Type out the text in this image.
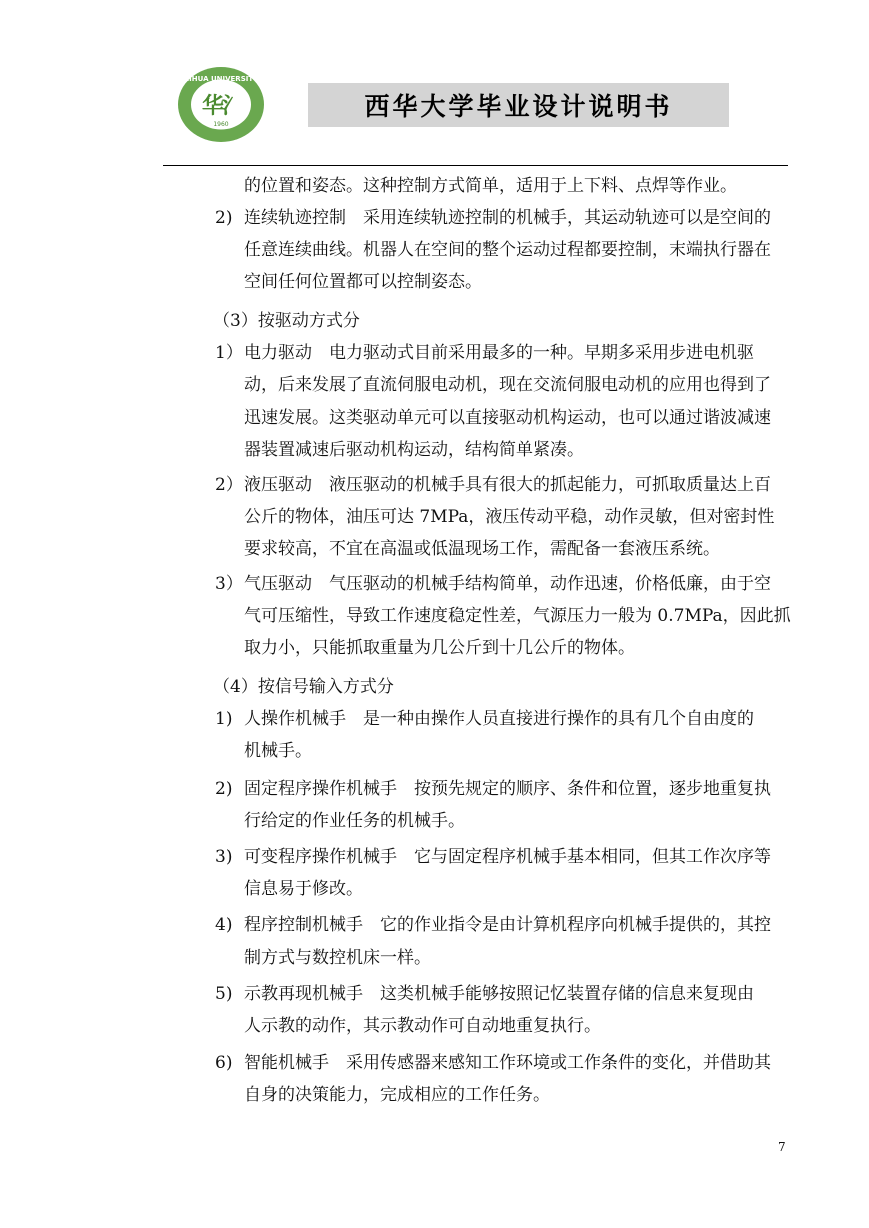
XIHUA UNIVERSITY
华
氵
1960
西华大学毕业设计说明书
的位置和姿态。这种控制方式简单，适用于上下料、点焊等作业。
2) 连续轨迹控制　采用连续轨迹控制的机械手，其运动轨迹可以是空间的
任意连续曲线。机器人在空间的整个运动过程都要控制，末端执行器在
空间任何位置都可以控制姿态。
（3）按驱动方式分
1） 电力驱动　电力驱动式目前采用最多的一种。早期多采用步进电机驱
动，后来发展了直流伺服电动机，现在交流伺服电动机的应用也得到了
迅速发展。这类驱动单元可以直接驱动机构运动，也可以通过谐波减速
器装置减速后驱动机构运动，结构简单紧凑。
2） 液压驱动　液压驱动的机械手具有很大的抓起能力，可抓取质量达上百
公斤的物体，油压可达 7MPa，液压传动平稳，动作灵敏，但对密封性
要求较高，不宜在高温或低温现场工作，需配备一套液压系统。
3） 气压驱动　气压驱动的机械手结构简单，动作迅速，价格低廉，由于空
气可压缩性，导致工作速度稳定性差，气源压力一般为 0.7MPa，因此抓
取力小，只能抓取重量为几公斤到十几公斤的物体。
（4）按信号输入方式分
1) 人操作机械手　是一种由操作人员直接进行操作的具有几个自由度的
机械手。
2) 固定程序操作机械手　按预先规定的顺序、条件和位置，逐步地重复执
行给定的作业任务的机械手。
3) 可变程序操作机械手　它与固定程序机械手基本相同，但其工作次序等
信息易于修改。
4) 程序控制机械手　它的作业指令是由计算机程序向机械手提供的，其控
制方式与数控机床一样。
5) 示教再现机械手　这类机械手能够按照记忆装置存储的信息来复现由
人示教的动作，其示教动作可自动地重复执行。
6) 智能机械手　采用传感器来感知工作环境或工作条件的变化，并借助其
自身的决策能力，完成相应的工作任务。
7
